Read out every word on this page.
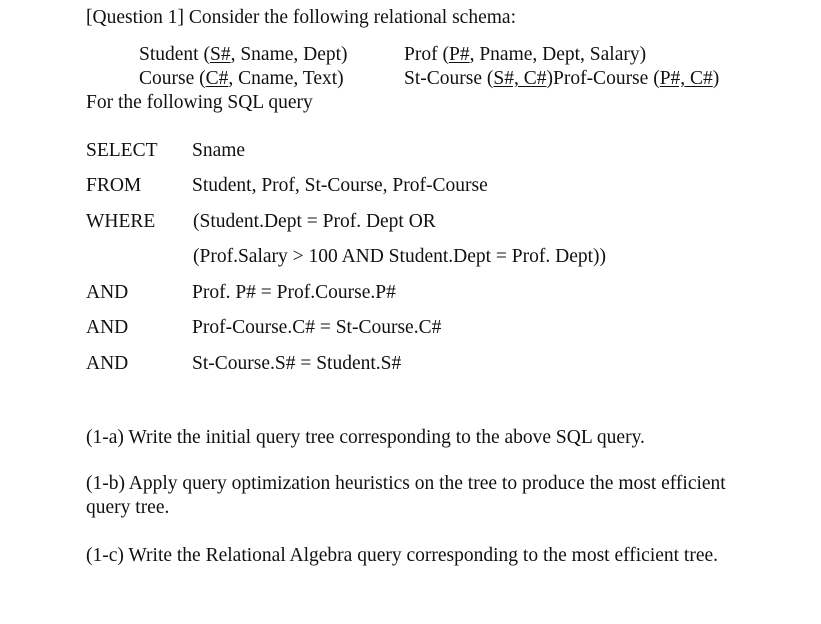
[Question 1] Consider the following relational schema:
Student (S#, Sname, Dept)
Course (C#, Cname, Text)
Prof (P#, Pname, Dept, Salary)
St-Course (S#, C#)Prof-Course (P#, C#)
For the following SQL query
SELECT Sname
FROM	Student, Prof, St-Course, Prof-Course
WHERE (Student.Dept = Prof. Dept OR
(Prof.Salary > 100 AND Student.Dept = Prof. Dept))
AND	Prof. P# = Prof.Course.P#
AND	Prof-Course.C# = St-Course.C#
AND	St-Course.S# = Student.S#
(1-a) Write the initial query tree corresponding to the above SQL query.
(1-b) Apply query optimization heuristics on the tree to produce the most efficient
query tree.
(1-c) Write the Relational Algebra query corresponding to the most efficient tree.
